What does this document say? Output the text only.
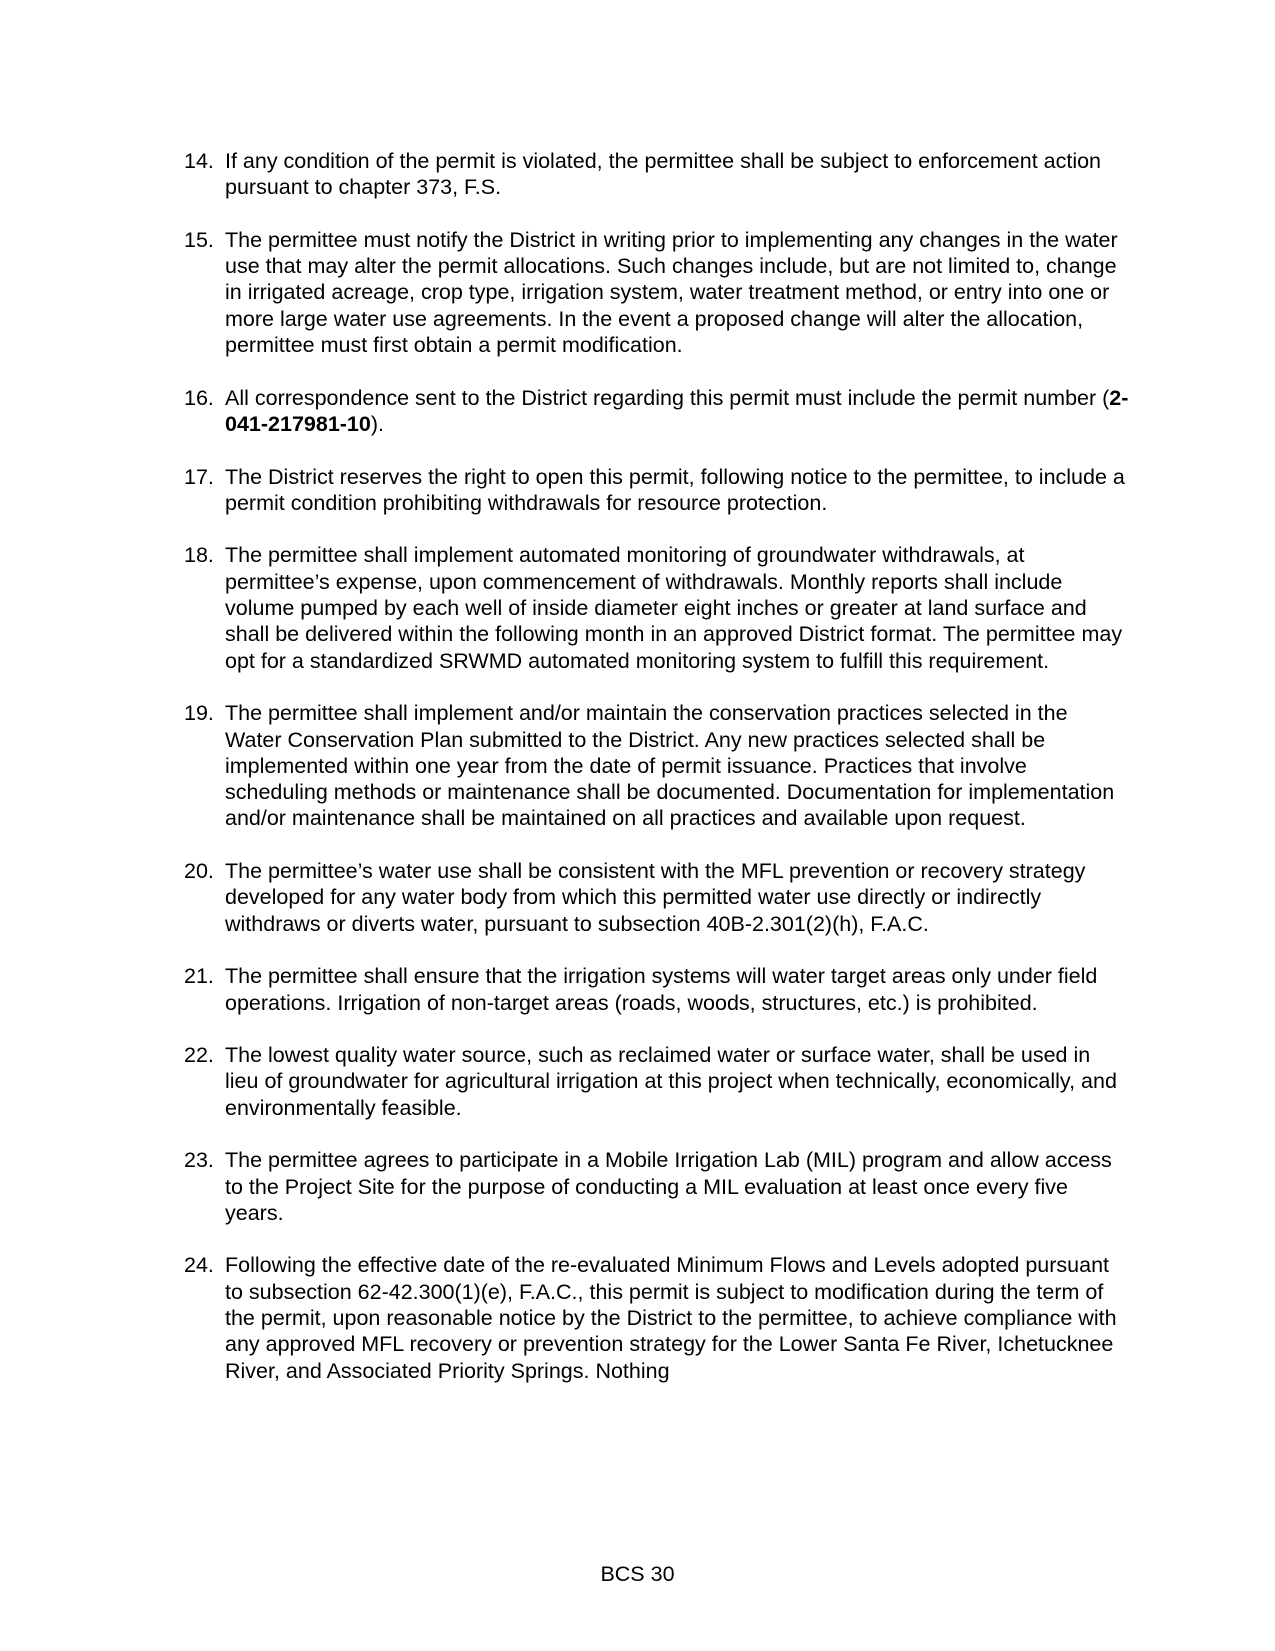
14. If any condition of the permit is violated, the permittee shall be subject to enforcement action pursuant to chapter 373, F.S.
15. The permittee must notify the District in writing prior to implementing any changes in the water use that may alter the permit allocations. Such changes include, but are not limited to, change in irrigated acreage, crop type, irrigation system, water treatment method, or entry into one or more large water use agreements. In the event a proposed change will alter the allocation, permittee must first obtain a permit modification.
16. All correspondence sent to the District regarding this permit must include the permit number (2-041-217981-10).
17. The District reserves the right to open this permit, following notice to the permittee, to include a permit condition prohibiting withdrawals for resource protection.
18. The permittee shall implement automated monitoring of groundwater withdrawals, at permittee’s expense, upon commencement of withdrawals. Monthly reports shall include volume pumped by each well of inside diameter eight inches or greater at land surface and shall be delivered within the following month in an approved District format. The permittee may opt for a standardized SRWMD automated monitoring system to fulfill this requirement.
19. The permittee shall implement and/or maintain the conservation practices selected in the Water Conservation Plan submitted to the District. Any new practices selected shall be implemented within one year from the date of permit issuance. Practices that involve scheduling methods or maintenance shall be documented. Documentation for implementation and/or maintenance shall be maintained on all practices and available upon request.
20. The permittee’s water use shall be consistent with the MFL prevention or recovery strategy developed for any water body from which this permitted water use directly or indirectly withdraws or diverts water, pursuant to subsection 40B-2.301(2)(h), F.A.C.
21. The permittee shall ensure that the irrigation systems will water target areas only under field operations. Irrigation of non-target areas (roads, woods, structures, etc.) is prohibited.
22. The lowest quality water source, such as reclaimed water or surface water, shall be used in lieu of groundwater for agricultural irrigation at this project when technically, economically, and environmentally feasible.
23. The permittee agrees to participate in a Mobile Irrigation Lab (MIL) program and allow access to the Project Site for the purpose of conducting a MIL evaluation at least once every five years.
24. Following the effective date of the re-evaluated Minimum Flows and Levels adopted pursuant to subsection 62-42.300(1)(e), F.A.C., this permit is subject to modification during the term of the permit, upon reasonable notice by the District to the permittee, to achieve compliance with any approved MFL recovery or prevention strategy for the Lower Santa Fe River, Ichetucknee River, and Associated Priority Springs. Nothing
BCS 30
